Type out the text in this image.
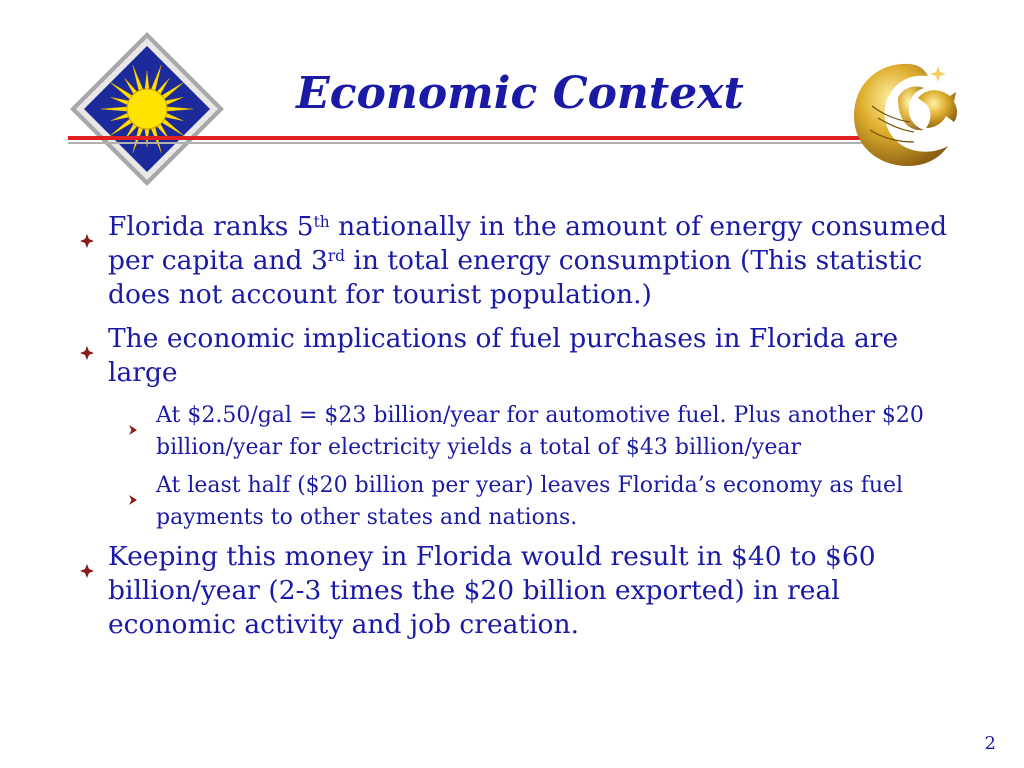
Economic Context
Florida ranks 5th nationally in the amount of energy consumed per capita and 3rd in total energy consumption (This statistic does not account for tourist population.)
The economic implications of fuel purchases in Florida are large
At $2.50/gal = $23 billion/year for automotive fuel. Plus another $20 billion/year for electricity yields a total of $43 billion/year
At least half ($20 billion per year) leaves Florida’s economy as fuel payments to other states and nations.
Keeping this money in Florida would result in $40 to $60 billion/year (2-3 times the $20 billion exported) in real economic activity and job creation.
2
